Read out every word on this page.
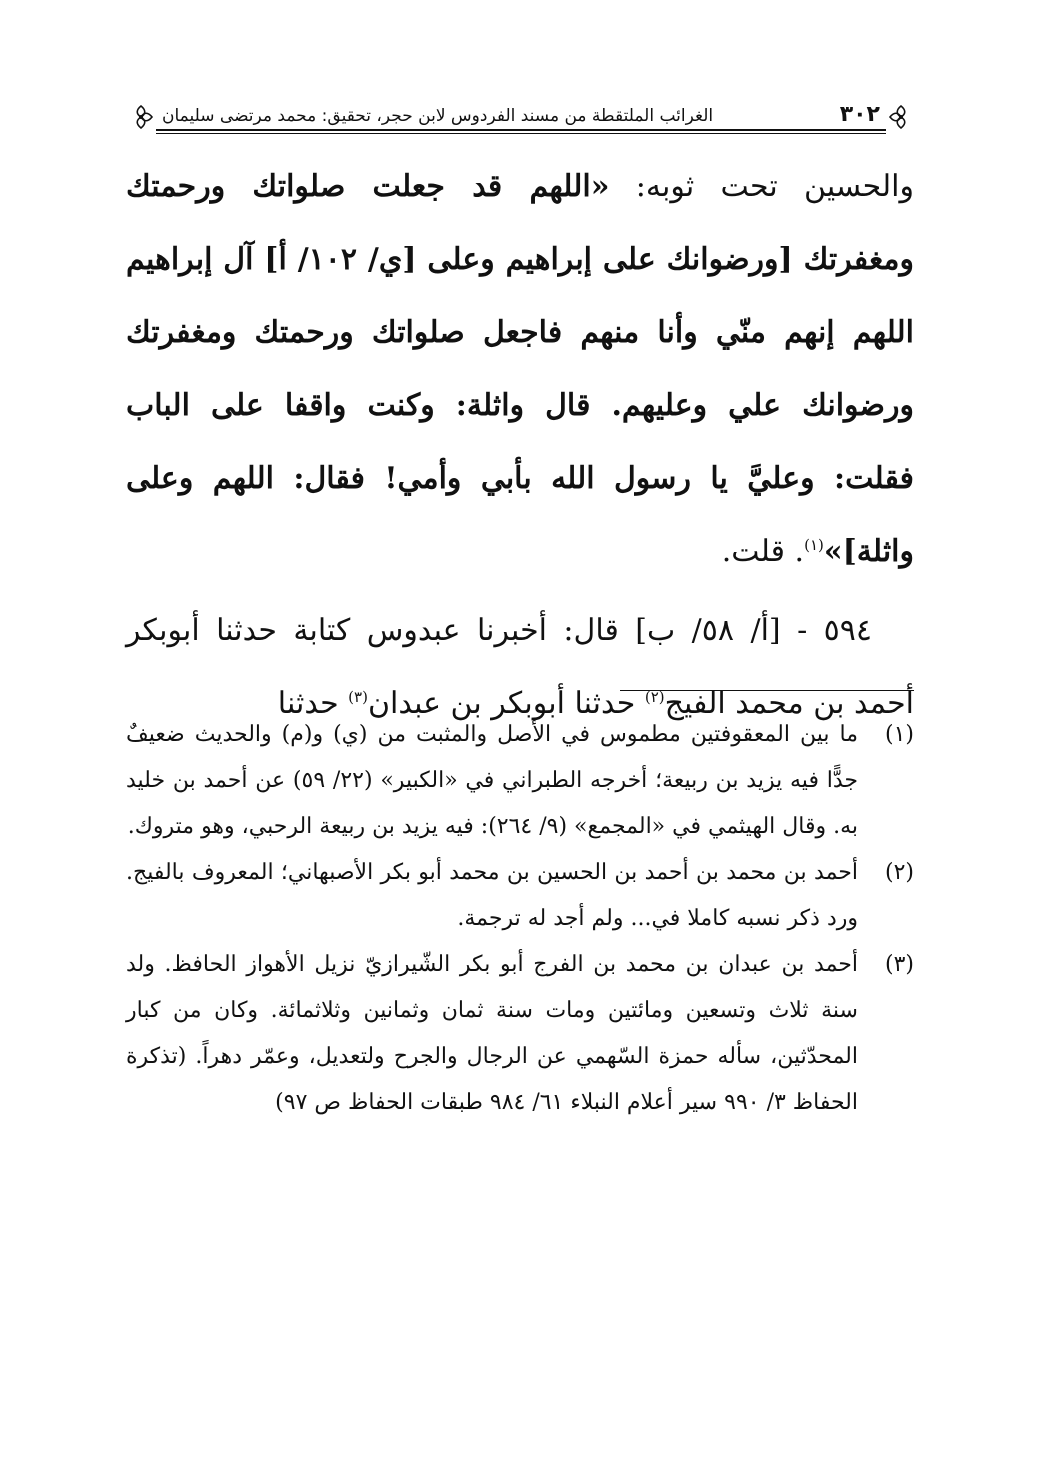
٣٠٢
الغرائب الملتقطة من مسند الفردوس لابن حجر، تحقيق: محمد مرتضى سليمان

والحسين تحت ثوبه: «اللهم قد جعلت صلواتك ورحمتك ومغفرتك [ورضوانك على إبراهيم وعلى [ي/ ١٠٢/ أ] آل إبراهيم اللهم إنهم منّي وأنا منهم فاجعل صلواتك ورحمتك ومغفرتك ورضوانك علي وعليهم. قال واثلة: وكنت واقفا على الباب فقلت: وعليَّ يا رسول الله بأبي وأمي! فقال: اللهم وعلى واثلة]»$^{(١)}$. قلت.

٥٩٤ - [أ/ ٥٨/ ب] قال: أخبرنا عبدوس كتابة حدثنا أبوبكر أحمد بن محمد الفيج$^{(٢)}$ حدثنا أبوبكر بن عبدان$^{(٣)}$ حدثنا

(١)
ما بين المعقوفتين مطموس في الأصل والمثبت من (ي) و(م) والحديث ضعيفٌ جدًّا فيه يزيد بن ربيعة؛ أخرجه الطبراني في «الكبير» (٢٢/ ٥٩) عن أحمد بن خليد به. وقال الهيثمي في «المجمع» (٩/ ٢٦٤): فيه يزيد بن ربيعة الرحبي، وهو متروك.
(٢)
أحمد بن محمد بن أحمد بن الحسين بن محمد أبو بكر الأصبهاني؛ المعروف بالفيج. ورد ذكر نسبه كاملا في... ولم أجد له ترجمة.
(٣)
أحمد بن عبدان بن محمد بن الفرج أبو بكر الشّيرازيّ نزيل الأهواز الحافظ. ولد سنة ثلاث وتسعين ومائتين ومات سنة ثمان وثمانين وثلاثمائة. وكان من كبار المحدّثين، سأله حمزة السّهمي عن الرجال والجرح ولتعديل، وعمّر دهراً. (تذكرة الحفاظ ٣/ ٩٩٠ سير أعلام النبلاء ٦١/ ٩٨٤ طبقات الحفاظ ص ٩٧)
